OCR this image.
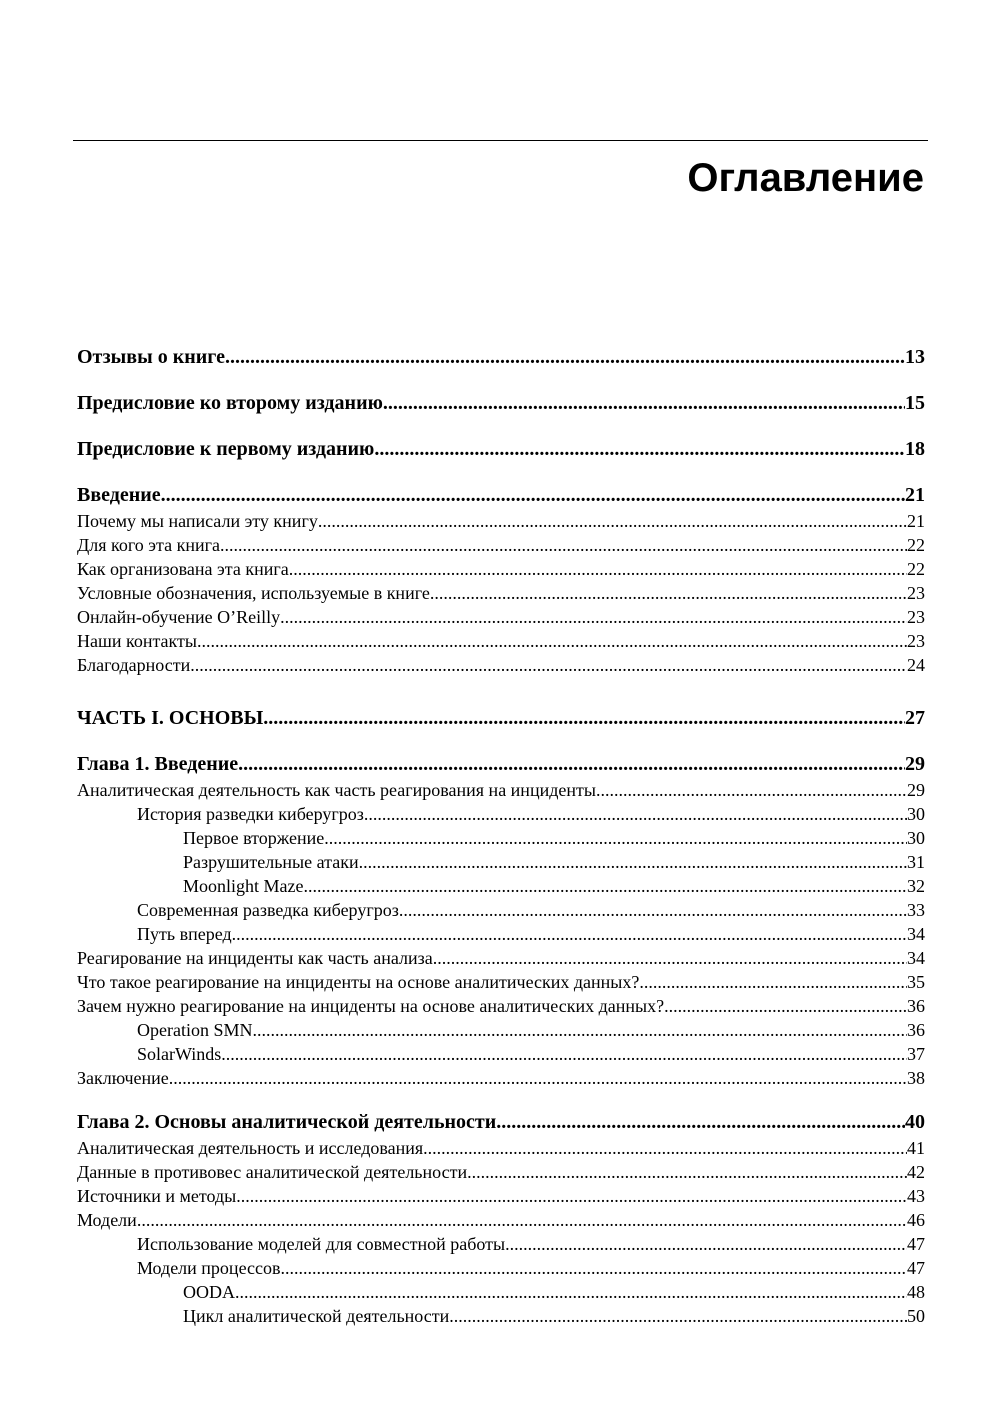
Оглавление
Отзывы о книге .....	13
Предисловие ко второму изданию .....	15
Предисловие к первому изданию .....	18
Введение .....	21
Почему мы написали эту книгу .....	21
Для кого эта книга .....	22
Как организована эта книга .....	22
Условные обозначения, используемые в книге .....	23
Онлайн-обучение O’Reilly .....	23
Наши контакты .....	23
Благодарности .....	24
ЧАСТЬ I. ОСНОВЫ .....	27
Глава 1. Введение .....	29
Аналитическая деятельность как часть реагирования на инциденты .....	29
История разведки киберугроз .....	30
Первое вторжение .....	30
Разрушительные атаки .....	31
Moonlight Maze .....	32
Современная разведка киберугроз .....	33
Путь вперед .....	34
Реагирование на инциденты как часть анализа .....	34
Что такое реагирование на инциденты на основе аналитических данных? .....	35
Зачем нужно реагирование на инциденты на основе аналитических данных? .....	36
Operation SMN .....	36
SolarWinds .....	37
Заключение .....	38
Глава 2. Основы аналитической деятельности .....	40
Аналитическая деятельность и исследования .....	41
Данные в противовес аналитической деятельности .....	42
Источники и методы .....	43
Модели .....	46
Использование моделей для совместной работы .....	47
Модели процессов .....	47
OODA .....	48
Цикл аналитической деятельности .....	50
